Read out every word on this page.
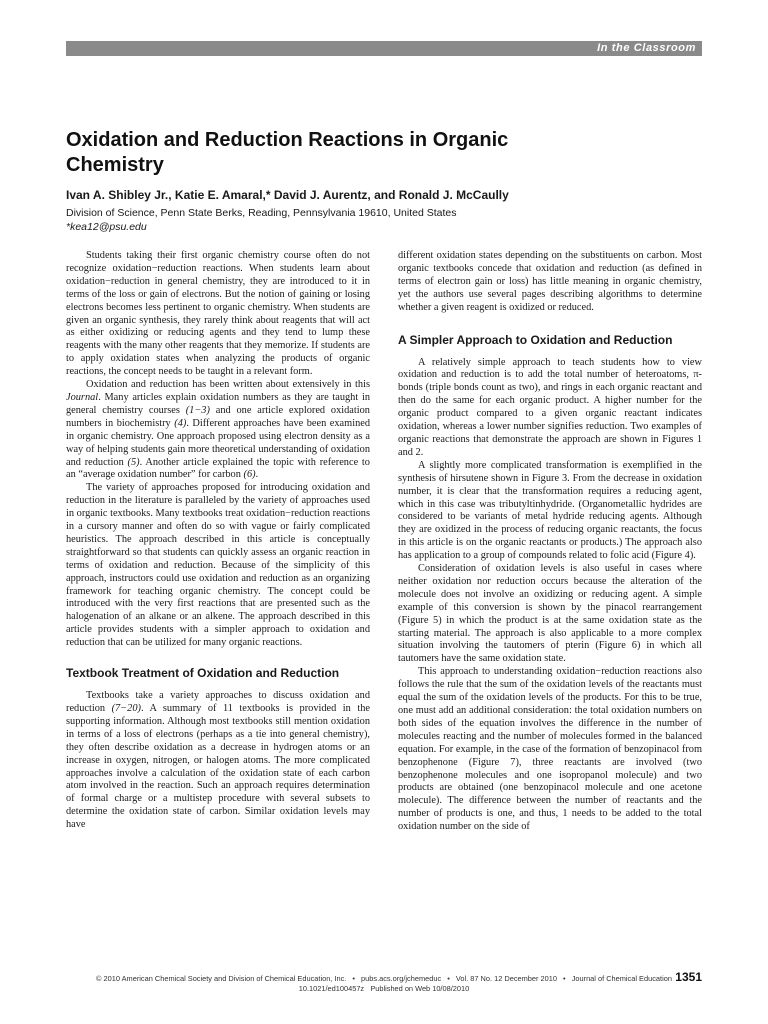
In the Classroom
Oxidation and Reduction Reactions in Organic Chemistry

Ivan A. Shibley Jr., Katie E. Amaral,* David J. Aurentz, and Ronald J. McCaully

Division of Science, Penn State Berks, Reading, Pennsylvania 19610, United States
*kea12@psu.edu

Students taking their first organic chemistry course often do not recognize oxidation−reduction reactions. When students learn about oxidation−reduction in general chemistry, they are introduced to it in terms of the loss or gain of electrons. But the notion of gaining or losing electrons becomes less pertinent to organic chemistry. When students are given an organic synthesis, they rarely think about reagents that will act as either oxidizing or reducing agents and they tend to lump these reagents with the many other reagents that they memorize. If students are to apply oxidation states when analyzing the products of organic reactions, the concept needs to be taught in a relevant form.

Oxidation and reduction has been written about extensively in this Journal. Many articles explain oxidation numbers as they are taught in general chemistry courses (1−3) and one article explored oxidation numbers in biochemistry (4). Different approaches have been examined in organic chemistry. One approach proposed using electron density as a way of helping students gain more theoretical understanding of oxidation and reduction (5). Another article explained the topic with reference to an “average oxidation number” for carbon (6).

The variety of approaches proposed for introducing oxidation and reduction in the literature is paralleled by the variety of approaches used in organic textbooks. Many textbooks treat oxidation−reduction reactions in a cursory manner and often do so with vague or fairly complicated heuristics. The approach described in this article is conceptually straightforward so that students can quickly assess an organic reaction in terms of oxidation and reduction. Because of the simplicity of this approach, instructors could use oxidation and reduction as an organizing framework for teaching organic chemistry. The concept could be introduced with the very first reactions that are presented such as the halogenation of an alkane or an alkene. The approach described in this article provides students with a simpler approach to oxidation and reduction that can be utilized for many organic reactions.

Textbook Treatment of Oxidation and Reduction

Textbooks take a variety approaches to discuss oxidation and reduction (7−20). A summary of 11 textbooks is provided in the supporting information. Although most textbooks still mention oxidation in terms of a loss of electrons (perhaps as a tie into general chemistry), they often describe oxidation as a decrease in hydrogen atoms or an increase in oxygen, nitrogen, or halogen atoms. The more complicated approaches involve a calculation of the oxidation state of each carbon atom involved in the reaction. Such an approach requires determination of formal charge or a multistep procedure with several subsets to determine the oxidation state of carbon. Similar oxidation levels may have

different oxidation states depending on the substituents on carbon. Most organic textbooks concede that oxidation and reduction (as defined in terms of electron gain or loss) has little meaning in organic chemistry, yet the authors use several pages describing algorithms to determine whether a given reagent is oxidized or reduced.

A Simpler Approach to Oxidation and Reduction

A relatively simple approach to teach students how to view oxidation and reduction is to add the total number of heteroatoms, π-bonds (triple bonds count as two), and rings in each organic reactant and then do the same for each organic product. A higher number for the organic product compared to a given organic reactant indicates oxidation, whereas a lower number signifies reduction. Two examples of organic reactions that demonstrate the approach are shown in Figures 1 and 2.

A slightly more complicated transformation is exemplified in the synthesis of hirsutene shown in Figure 3. From the decrease in oxidation number, it is clear that the transformation requires a reducing agent, which in this case was tributyltinhydride. (Organometallic hydrides are considered to be variants of metal hydride reducing agents. Although they are oxidized in the process of reducing organic reactants, the focus in this article is on the organic reactants or products.) The approach also has application to a group of compounds related to folic acid (Figure 4).

Consideration of oxidation levels is also useful in cases where neither oxidation nor reduction occurs because the alteration of the molecule does not involve an oxidizing or reducing agent. A simple example of this conversion is shown by the pinacol rearrangement (Figure 5) in which the product is at the same oxidation state as the starting material. The approach is also applicable to a more complex situation involving the tautomers of pterin (Figure 6) in which all tautomers have the same oxidation state.

This approach to understanding oxidation−reduction reactions also follows the rule that the sum of the oxidation levels of the reactants must equal the sum of the oxidation levels of the products. For this to be true, one must add an additional consideration: the total oxidation numbers on both sides of the equation involves the difference in the number of molecules reacting and the number of molecules formed in the balanced equation. For example, in the case of the formation of benzopinacol from benzophenone (Figure 7), three reactants are involved (two benzophenone molecules and one isopropanol molecule) and two products are obtained (one benzopinacol molecule and one acetone molecule). The difference between the number of reactants and the number of products is one, and thus, 1 needs to be added to the total oxidation number on the side of

© 2010 American Chemical Society and Division of Chemical Education, Inc. • pubs.acs.org/jchemeduc • Vol. 87 No. 12 December 2010 • Journal of Chemical Education
10.1021/ed100457z Published on Web 10/08/2010
1351
